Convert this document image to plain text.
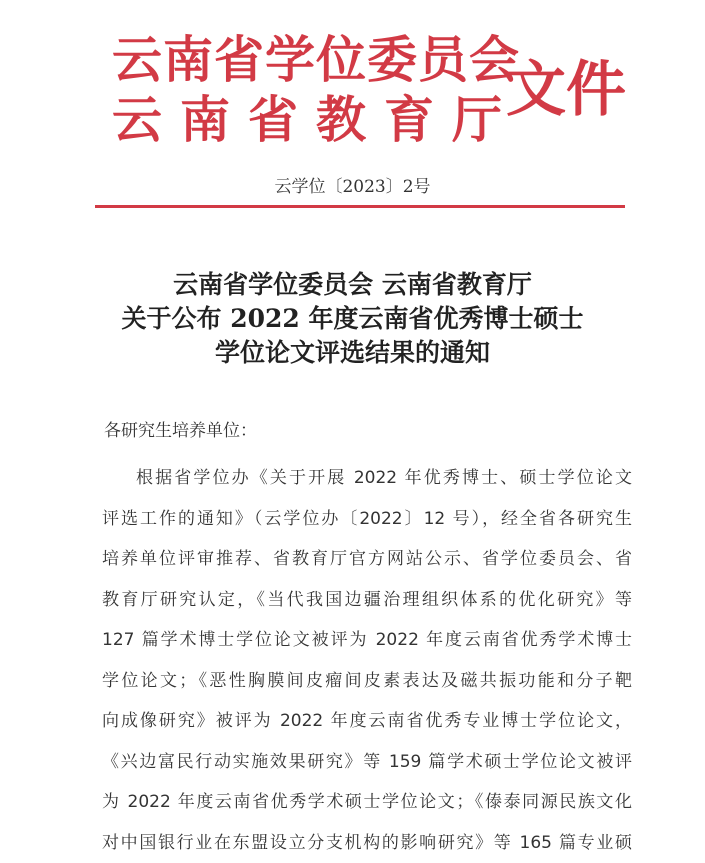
云南省学位委员会
云南省教育厅
文件
云学位〔2023〕2号
云南省学位委员会 云南省教育厅
关于公布 2022 年度云南省优秀博士硕士
学位论文评选结果的通知
各研究生培养单位：
根据省学位办《关于开展 2022 年优秀博士、硕士学位论文
评选工作的通知》（云学位办〔2022〕12 号），经全省各研究生
培养单位评审推荐、省教育厅官方网站公示、省学位委员会、省
教育厅研究认定，《当代我国边疆治理组织体系的优化研究》等
127 篇学术博士学位论文被评为 2022 年度云南省优秀学术博士
学位论文；《恶性胸膜间皮瘤间皮素表达及磁共振功能和分子靶
向成像研究》被评为 2022 年度云南省优秀专业博士学位论文，
《兴边富民行动实施效果研究》等 159 篇学术硕士学位论文被评
为 2022 年度云南省优秀学术硕士学位论文；《傣泰同源民族文化
对中国银行业在东盟设立分支机构的影响研究》等 165 篇专业硕
